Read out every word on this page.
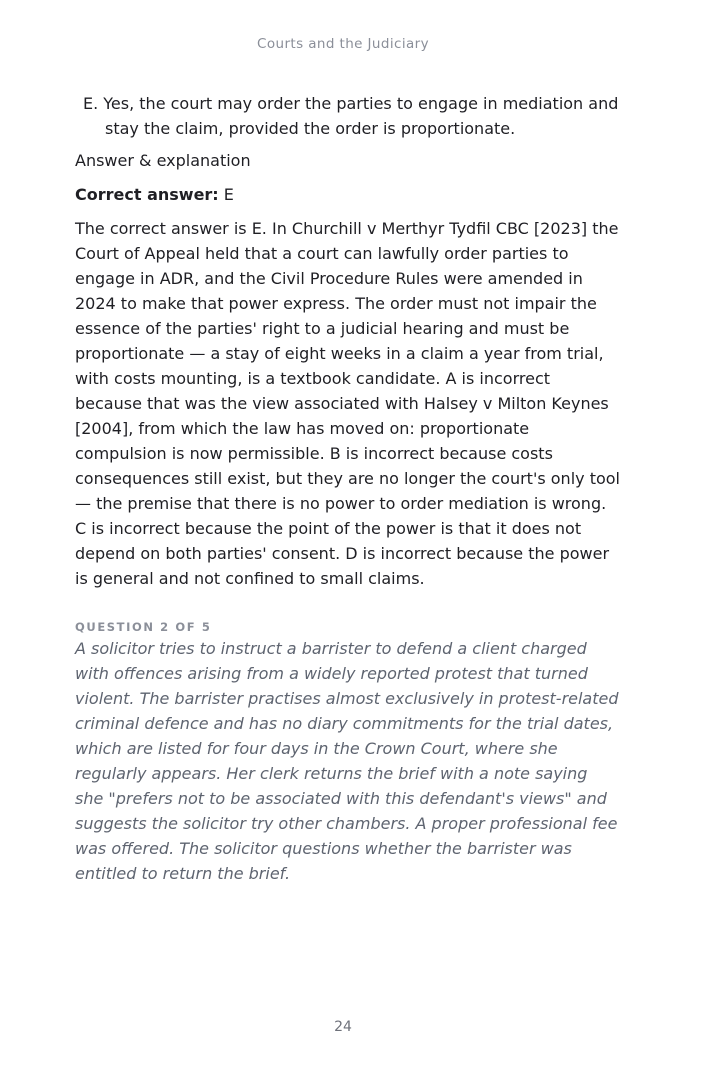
Courts and the Judiciary

E. Yes, the court may order the parties to engage in mediation and stay the claim, provided the order is proportionate.

Answer & explanation

Correct answer: E

The correct answer is E. In Churchill v Merthyr Tydfil CBC [2023] the Court of Appeal held that a court can lawfully order parties to engage in ADR, and the Civil Procedure Rules were amended in 2024 to make that power express. The order must not impair the essence of the parties' right to a judicial hearing and must be proportionate — a stay of eight weeks in a claim a year from trial, with costs mounting, is a textbook candidate. A is incorrect because that was the view associated with Halsey v Milton Keynes [2004], from which the law has moved on: proportionate compulsion is now permissible. B is incorrect because costs consequences still exist, but they are no longer the court's only tool — the premise that there is no power to order mediation is wrong. C is incorrect because the point of the power is that it does not depend on both parties' consent. D is incorrect because the power is general and not confined to small claims.

QUESTION 2 OF 5

A solicitor tries to instruct a barrister to defend a client charged with offences arising from a widely reported protest that turned violent. The barrister practises almost exclusively in protest-related criminal defence and has no diary commitments for the trial dates, which are listed for four days in the Crown Court, where she regularly appears. Her clerk returns the brief with a note saying she "prefers not to be associated with this defendant's views" and suggests the solicitor try other chambers. A proper professional fee was offered. The solicitor questions whether the barrister was entitled to return the brief.

24
